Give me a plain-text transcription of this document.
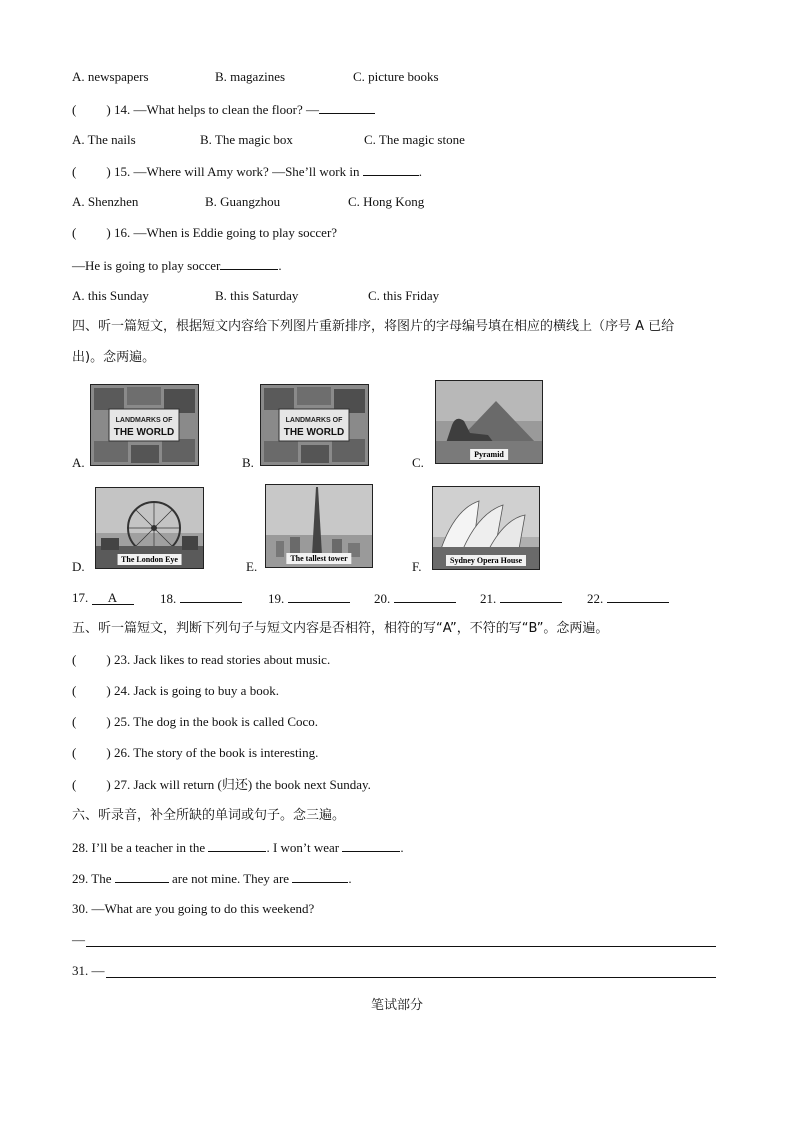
A. newspapers	B. magazines	C. picture books
( ) 14. —What helps to clean the floor? —
A. The nails	B. The magic box	C. The magic stone
( ) 15. —Where will Amy work? —She’ll work in	.
A. Shenzhen	B. Guangzhou	C. Hong Kong
( ) 16. —When is Eddie going to play soccer?
—He is going to play soccer	.
A. this Sunday	B. this Saturday	C. this Friday
四、听一篇短文，根据短文内容给下列图片重新排序，将图片的字母编号填在相应的横线上（序号 A 已给
出)。念两遍。
A.
LANDMARKS OF
THE WORLD
B.
LANDMARKS OF
THE WORLD
C.
Pyramid
D.	The London Eye	E.
The tallest tower
F.	Sydney Opera House
17. A	18.	19.	20.	21.	22.
五、听一篇短文，判断下列句子与短文内容是否相符，相符的写“A”，不符的写“B”。念两遍。
( ) 23. Jack likes to read stories about music.
( ) 24. Jack is going to buy a book.
( ) 25. The dog in the book is called Coco.
( ) 26. The story of the book is interesting.
( ) 27. Jack will return (归还) the book next Sunday.
六、听录音，补全所缺的单词或句子。念三遍。
28. I’ll be a teacher in the	. I won’t wear	.
29. The	are not mine. They are	.
30. —What are you going to do this weekend?
—
31. —
笔试部分
